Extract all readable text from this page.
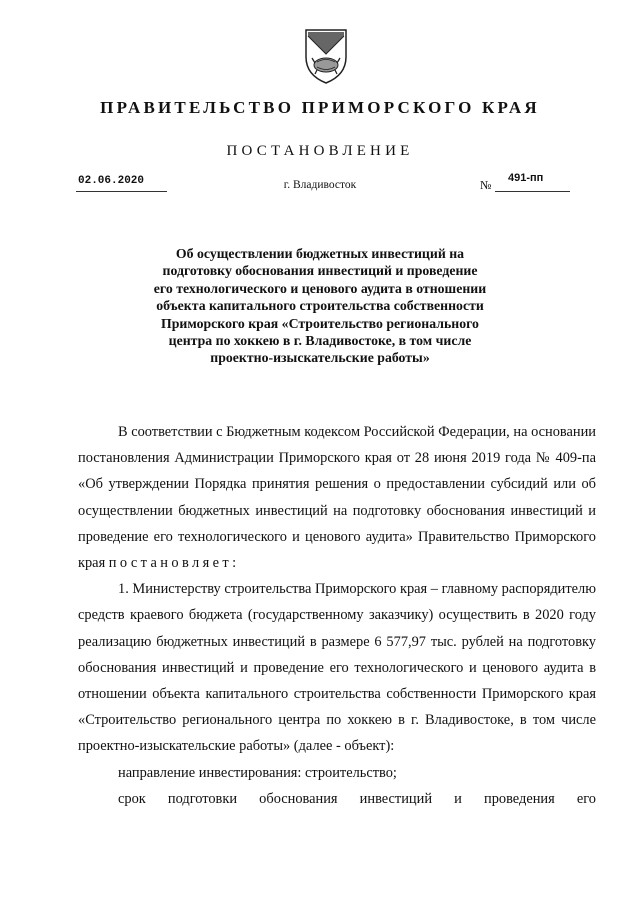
ПРАВИТЕЛЬСТВО ПРИМОРСКОГО КРАЯ
ПОСТАНОВЛЕНИЕ
02.06.2020	г. Владивосток	№ 491-пп
Об осуществлении бюджетных инвестиций на
подготовку обоснования инвестиций и проведение
его технологического и ценового аудита в отношении
объекта капитального строительства собственности
Приморского края «Строительство регионального
центра по хоккею в г. Владивостоке, в том числе
проектно-изыскательские работы»

В соответствии с Бюджетным кодексом Российской Федерации, на основании постановления Администрации Приморского края от 28 июня 2019 года № 409-па «Об утверждении Порядка принятия решения о предоставлении субсидий или об осуществлении бюджетных инвестиций на подготовку обоснования инвестиций и проведение его технологического и ценового аудита» Правительство Приморского края постановляет:

1. Министерству строительства Приморского края – главному распорядителю средств краевого бюджета (государственному заказчику) осуществить в 2020 году реализацию бюджетных инвестиций в размере 6 577,97 тыс. рублей на подготовку обоснования инвестиций и проведение его технологического и ценового аудита в отношении объекта капитального строительства собственности Приморского края «Строительство регионального центра по хоккею в г. Владивостоке, в том числе проектно-изыскательские работы» (далее - объект):

направление инвестирования: строительство;

срок подготовки обоснования инвестиций и проведения его
